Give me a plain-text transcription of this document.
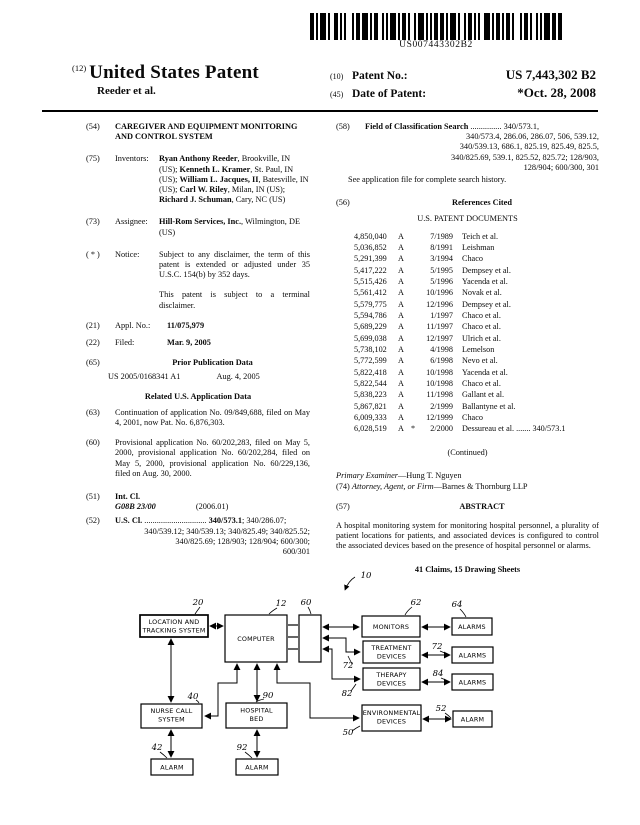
US007443302B2
$^{(12)}$ United States Patent
Reeder et al.
(10) Patent No.:	US 7,443,302 B2
(45) Date of Patent:	*Oct. 28, 2008
(54)	CAREGIVER AND EQUIPMENT MONITORING AND CONTROL SYSTEM
(75)	Inventors:	Ryan Anthony Reeder, Brookville, IN (US); Kenneth L. Kramer, St. Paul, IN (US); William L. Jacques, II, Batesville, IN (US); Carl W. Riley, Milan, IN (US); Richard J. Schuman, Cary, NC (US)
(73)	Assignee:	Hill-Rom Services, Inc., Wilmington, DE (US)
( * )	Notice:	Subject to any disclaimer, the term of this patent is extended or adjusted under 35 U.S.C. 154(b) by 352 days.
This patent is subject to a terminal disclaimer.
(21)	Appl. No.:	11/075,979
(22)	Filed:	Mar. 9, 2005
(65)	Prior Publication Data
US 2005/0168341 A1	Aug. 4, 2005
Related U.S. Application Data
(63)	Continuation of application No. 09/849,688, filed on May 4, 2001, now Pat. No. 6,876,303.
(60)	Provisional application No. 60/202,283, filed on May 5, 2000, provisional application No. 60/202,284, filed on May 5, 2000, provisional application No. 60/229,136, filed on Aug. 30, 2000.
(51)	Int. Cl.
G08B 23/00	(2006.01)
(52)	U.S. Cl. .............................. 340/573.1; 340/286.07;
340/539.12; 340/539.13; 340/825.49; 340/825.52;
340/825.69; 128/903; 128/904; 600/300;
600/301
(58)	Field of Classification Search ............... 340/573.1,
340/573.4, 286.06, 286.07, 506, 539.12,
340/539.13, 686.1, 825.19, 825.49, 825.5,
340/825.69, 539.1, 825.52, 825.72; 128/903,
128/904; 600/300, 301
See application file for complete search history.
(56)	References Cited
U.S. PATENT DOCUMENTS
4,850,040	A	7/1989 Teich et al.
5,036,852	A	8/1991 Leishman
5,291,399	A	3/1994 Chaco
5,417,222	A	5/1995 Dempsey et al.
5,515,426	A	5/1996 Yacenda et al.
5,561,412	A	10/1996 Novak et al.
5,579,775	A	12/1996 Dempsey et al.
5,594,786	A	1/1997 Chaco et al.
5,689,229	A	11/1997 Chaco et al.
5,699,038	A	12/1997 Ulrich et al.
5,738,102	A	4/1998 Lemelson
5,772,599	A	6/1998 Nevo et al.
5,822,418	A	10/1998 Yacenda et al.
5,822,544	A	10/1998 Chaco et al.
5,838,223	A	11/1998 Gallant et al.
5,867,821	A	2/1999 Ballantyne et al.
6,009,333	A	12/1999 Chaco
6,028,519	A *	2/2000 Dessureau et al. ....... 340/573.1
(Continued)
Primary Examiner—Hung T. Nguyen
(74) Attorney, Agent, or Firm—Barnes & Thornburg LLP
(57)	ABSTRACT
A hospital monitoring system for monitoring hospital personnel, a plurality of patient locations for patients, and associated devices is configured to control the associated devices based on the presence of hospital personnel or alarms.
41 Claims, 15 Drawing Sheets
10
LOCATION AND
TRACKING SYSTEM
20
COMPUTER
12 60
MONITORS
62
ALARMS
64
TREATMENT
DEVICES
72
72
THERAPY
DEVICES
84
82
ALARMS
ALARMS
ENVIRONMENTAL
DEVICES
50
ALARM
52
NURSE CALL
SYSTEM
40
HOSPITAL
BED
90
ALARM
42
ALARM
92
